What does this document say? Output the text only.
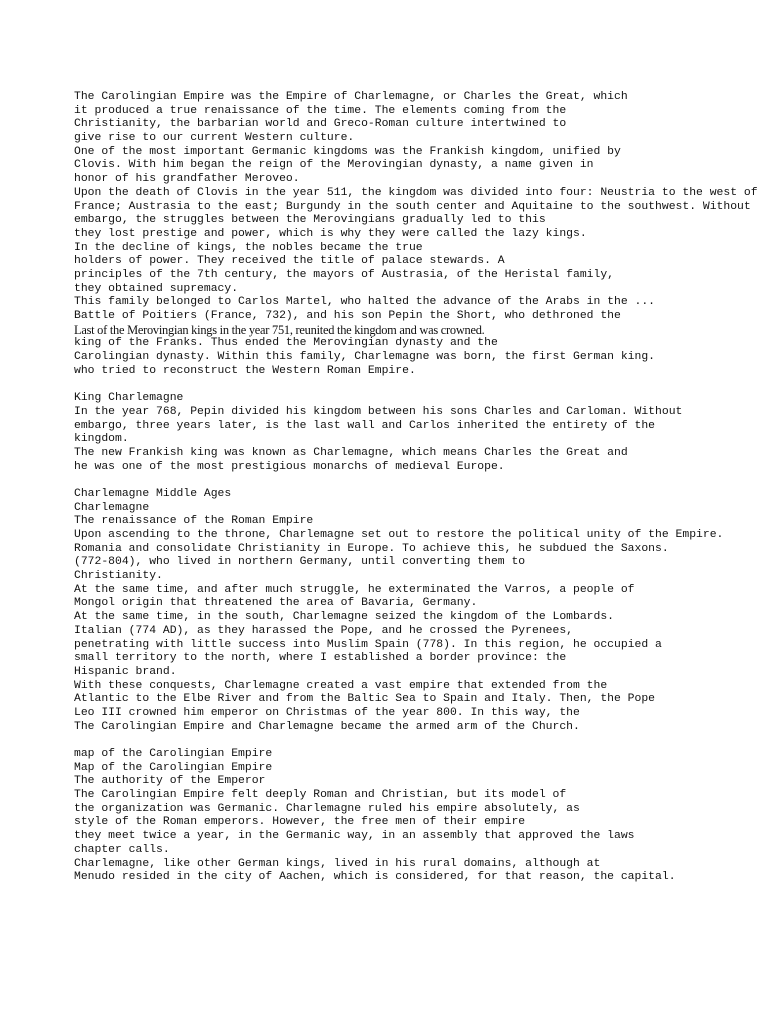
The Carolingian Empire was the Empire of Charlemagne, or Charles the Great, which
it produced a true renaissance of the time. The elements coming from the
Christianity, the barbarian world and Greco-Roman culture intertwined to
give rise to our current Western culture.
One of the most important Germanic kingdoms was the Frankish kingdom, unified by
Clovis. With him began the reign of the Merovingian dynasty, a name given in
honor of his grandfather Meroveo.
Upon the death of Clovis in the year 511, the kingdom was divided into four: Neustria to the west of
France; Austrasia to the east; Burgundy in the south center and Aquitaine to the southwest. Without
embargo, the struggles between the Merovingians gradually led to this
they lost prestige and power, which is why they were called the lazy kings.
In the decline of kings, the nobles became the true
holders of power. They received the title of palace stewards. A
principles of the 7th century, the mayors of Austrasia, of the Heristal family,
they obtained supremacy.
This family belonged to Carlos Martel, who halted the advance of the Arabs in the ...
Battle of Poitiers (France, 732), and his son Pepin the Short, who dethroned the
Last of the Merovingian kings in the year 751, reunited the kingdom and was crowned.
king of the Franks. Thus ended the Merovingian dynasty and the
Carolingian dynasty. Within this family, Charlemagne was born, the first German king.
who tried to reconstruct the Western Roman Empire.
King Charlemagne
In the year 768, Pepin divided his kingdom between his sons Charles and Carloman. Without
embargo, three years later, is the last wall and Carlos inherited the entirety of the
kingdom.
The new Frankish king was known as Charlemagne, which means Charles the Great and
he was one of the most prestigious monarchs of medieval Europe.
Charlemagne Middle Ages
Charlemagne
The renaissance of the Roman Empire
Upon ascending to the throne, Charlemagne set out to restore the political unity of the Empire.
Romania and consolidate Christianity in Europe. To achieve this, he subdued the Saxons.
(772-804), who lived in northern Germany, until converting them to
Christianity.
At the same time, and after much struggle, he exterminated the Varros, a people of
Mongol origin that threatened the area of Bavaria, Germany.
At the same time, in the south, Charlemagne seized the kingdom of the Lombards.
Italian (774 AD), as they harassed the Pope, and he crossed the Pyrenees,
penetrating with little success into Muslim Spain (778). In this region, he occupied a
small territory to the north, where I established a border province: the
Hispanic brand.
With these conquests, Charlemagne created a vast empire that extended from the
Atlantic to the Elbe River and from the Baltic Sea to Spain and Italy. Then, the Pope
Leo III crowned him emperor on Christmas of the year 800. In this way, the
The Carolingian Empire and Charlemagne became the armed arm of the Church.
map of the Carolingian Empire
Map of the Carolingian Empire
The authority of the Emperor
The Carolingian Empire felt deeply Roman and Christian, but its model of
the organization was Germanic. Charlemagne ruled his empire absolutely, as
style of the Roman emperors. However, the free men of their empire
they meet twice a year, in the Germanic way, in an assembly that approved the laws
chapter calls.
Charlemagne, like other German kings, lived in his rural domains, although at
Menudo resided in the city of Aachen, which is considered, for that reason, the capital.
